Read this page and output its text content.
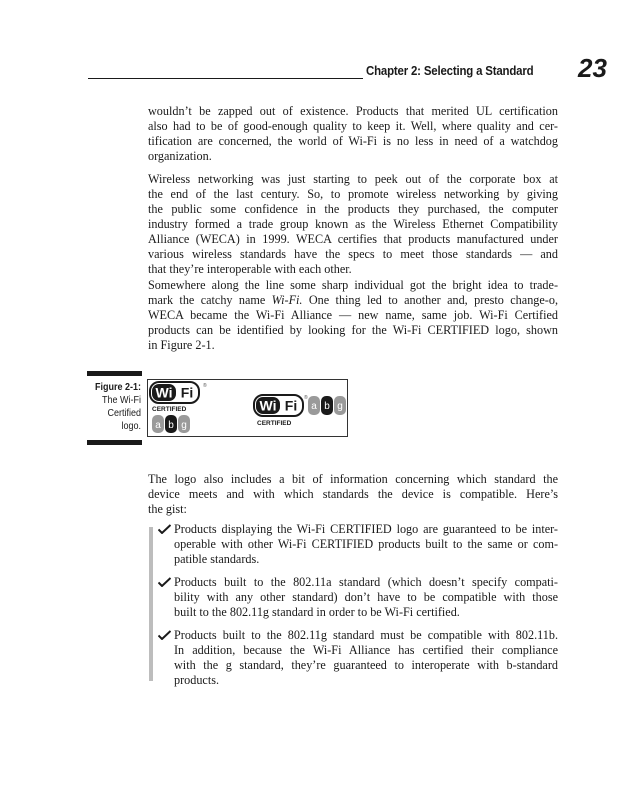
Chapter 2: Selecting a Standard 23

wouldn’t be zapped out of existence. Products that merited UL certification
also had to be of good-enough quality to keep it. Well, where quality and cer-
tification are concerned, the world of Wi-Fi is no less in need of a watchdog
organization.

Wireless networking was just starting to peek out of the corporate box at
the end of the last century. So, to promote wireless networking by giving
the public some confidence in the products they purchased, the computer
industry formed a trade group known as the Wireless Ethernet Compatibility
Alliance (WECA) in 1999. WECA certifies that products manufactured under
various wireless standards have the specs to meet those standards — and
that they’re interoperable with each other.

Somewhere along the line some sharp individual got the bright idea to trade-
mark the catchy name Wi-Fi. One thing led to another and, presto change-o,
WECA became the Wi-Fi Alliance — new name, same job. Wi-Fi Certified
products can be identified by looking for the Wi-Fi CERTIFIED logo, shown
in Figure 2-1.

Figure 2-1:
The Wi-Fi
Certified
logo.
Wi Fi ®
CERTIFIED
a b g
Wi Fi ®
a b g
CERTIFIED

The logo also includes a bit of information concerning which standard the
device meets and with which standards the device is compatible. Here’s
the gist:

Products displaying the Wi-Fi CERTIFIED logo are guaranteed to be inter-
operable with other Wi-Fi CERTIFIED products built to the same or com-
patible standards.
Products built to the 802.11a standard (which doesn’t specify compati-
bility with any other standard) don’t have to be compatible with those
built to the 802.11g standard in order to be Wi-Fi certified.
Products built to the 802.11g standard must be compatible with 802.11b.
In addition, because the Wi-Fi Alliance has certified their compliance
with the g standard, they’re guaranteed to interoperate with b-standard
products.
